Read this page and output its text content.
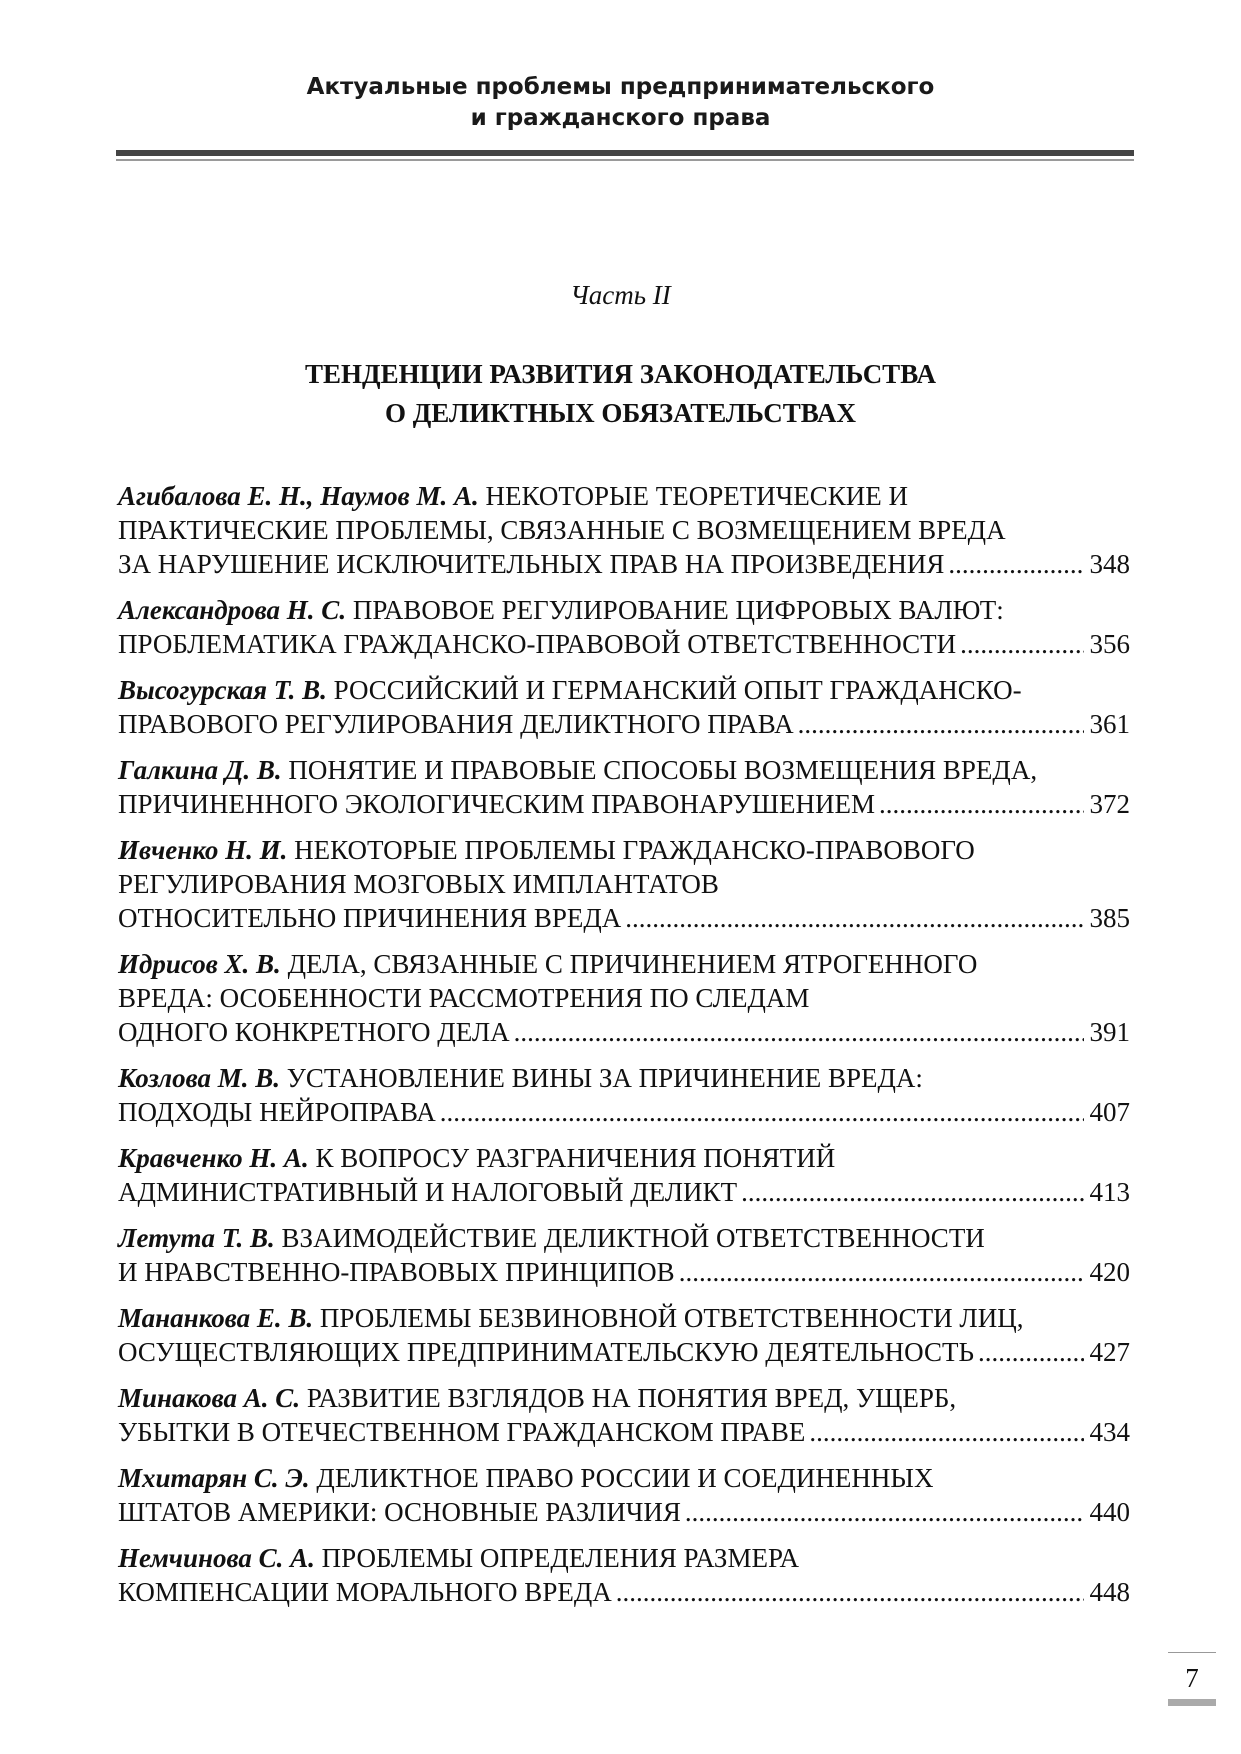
Актуальные проблемы предпринимательского
и гражданского права
Часть II
ТЕНДЕНЦИИ РАЗВИТИЯ ЗАКОНОДАТЕЛЬСТВА
О ДЕЛИКТНЫХ ОБЯЗАТЕЛЬСТВАХ
Агибалова Е. Н., Наумов М. А. НЕКОТОРЫЕ ТЕОРЕТИЧЕСКИЕ И
ПРАКТИЧЕСКИЕ ПРОБЛЕМЫ, СВЯЗАННЫЕ С ВОЗМЕЩЕНИЕМ ВРЕДА
ЗА НАРУШЕНИЕ ИСКЛЮЧИТЕЛЬНЫХ ПРАВ НА ПРОИЗВЕДЕНИЯ .....	348
Александрова Н. С. ПРАВОВОЕ РЕГУЛИРОВАНИЕ ЦИФРОВЫХ ВАЛЮТ:
ПРОБЛЕМАТИКА ГРАЖДАНСКО-ПРАВОВОЙ ОТВЕТСТВЕННОСТИ .....	356
Высогурская Т. В. РОССИЙСКИЙ И ГЕРМАНСКИЙ ОПЫТ ГРАЖДАНСКО-
ПРАВОВОГО РЕГУЛИРОВАНИЯ ДЕЛИКТНОГО ПРАВА .....	361
Галкина Д. В. ПОНЯТИЕ И ПРАВОВЫЕ СПОСОБЫ ВОЗМЕЩЕНИЯ ВРЕДА,
ПРИЧИНЕННОГО ЭКОЛОГИЧЕСКИМ ПРАВОНАРУШЕНИЕМ .....	372
Ивченко Н. И. НЕКОТОРЫЕ ПРОБЛЕМЫ ГРАЖДАНСКО-ПРАВОВОГО
РЕГУЛИРОВАНИЯ МОЗГОВЫХ ИМПЛАНТАТОВ
ОТНОСИТЕЛЬНО ПРИЧИНЕНИЯ ВРЕДА .....	385
Идрисов Х. В. ДЕЛА, СВЯЗАННЫЕ С ПРИЧИНЕНИЕМ ЯТРОГЕННОГО
ВРЕДА: ОСОБЕННОСТИ РАССМОТРЕНИЯ ПО СЛЕДАМ
ОДНОГО КОНКРЕТНОГО ДЕЛА .....	391
Козлова М. В. УСТАНОВЛЕНИЕ ВИНЫ ЗА ПРИЧИНЕНИЕ ВРЕДА:
ПОДХОДЫ НЕЙРОПРАВА .....	407
Кравченко Н. А. К ВОПРОСУ РАЗГРАНИЧЕНИЯ ПОНЯТИЙ
АДМИНИСТРАТИВНЫЙ И НАЛОГОВЫЙ ДЕЛИКТ .....	413
Летута Т. В. ВЗАИМОДЕЙСТВИЕ ДЕЛИКТНОЙ ОТВЕТСТВЕННОСТИ
И НРАВСТВЕННО-ПРАВОВЫХ ПРИНЦИПОВ .....	420
Мананкова Е. В. ПРОБЛЕМЫ БЕЗВИНОВНОЙ ОТВЕТСТВЕННОСТИ ЛИЦ,
ОСУЩЕСТВЛЯЮЩИХ ПРЕДПРИНИМАТЕЛЬСКУЮ ДЕЯТЕЛЬНОСТЬ .....	427
Минакова А. С. РАЗВИТИЕ ВЗГЛЯДОВ НА ПОНЯТИЯ ВРЕД, УЩЕРБ,
УБЫТКИ В ОТЕЧЕСТВЕННОМ ГРАЖДАНСКОМ ПРАВЕ .....	434
Мхитарян С. Э. ДЕЛИКТНОЕ ПРАВО РОССИИ И СОЕДИНЕННЫХ
ШТАТОВ АМЕРИКИ: ОСНОВНЫЕ РАЗЛИЧИЯ .....	440
Немчинова С. А. ПРОБЛЕМЫ ОПРЕДЕЛЕНИЯ РАЗМЕРА
КОМПЕНСАЦИИ МОРАЛЬНОГО ВРЕДА .....	448
7
